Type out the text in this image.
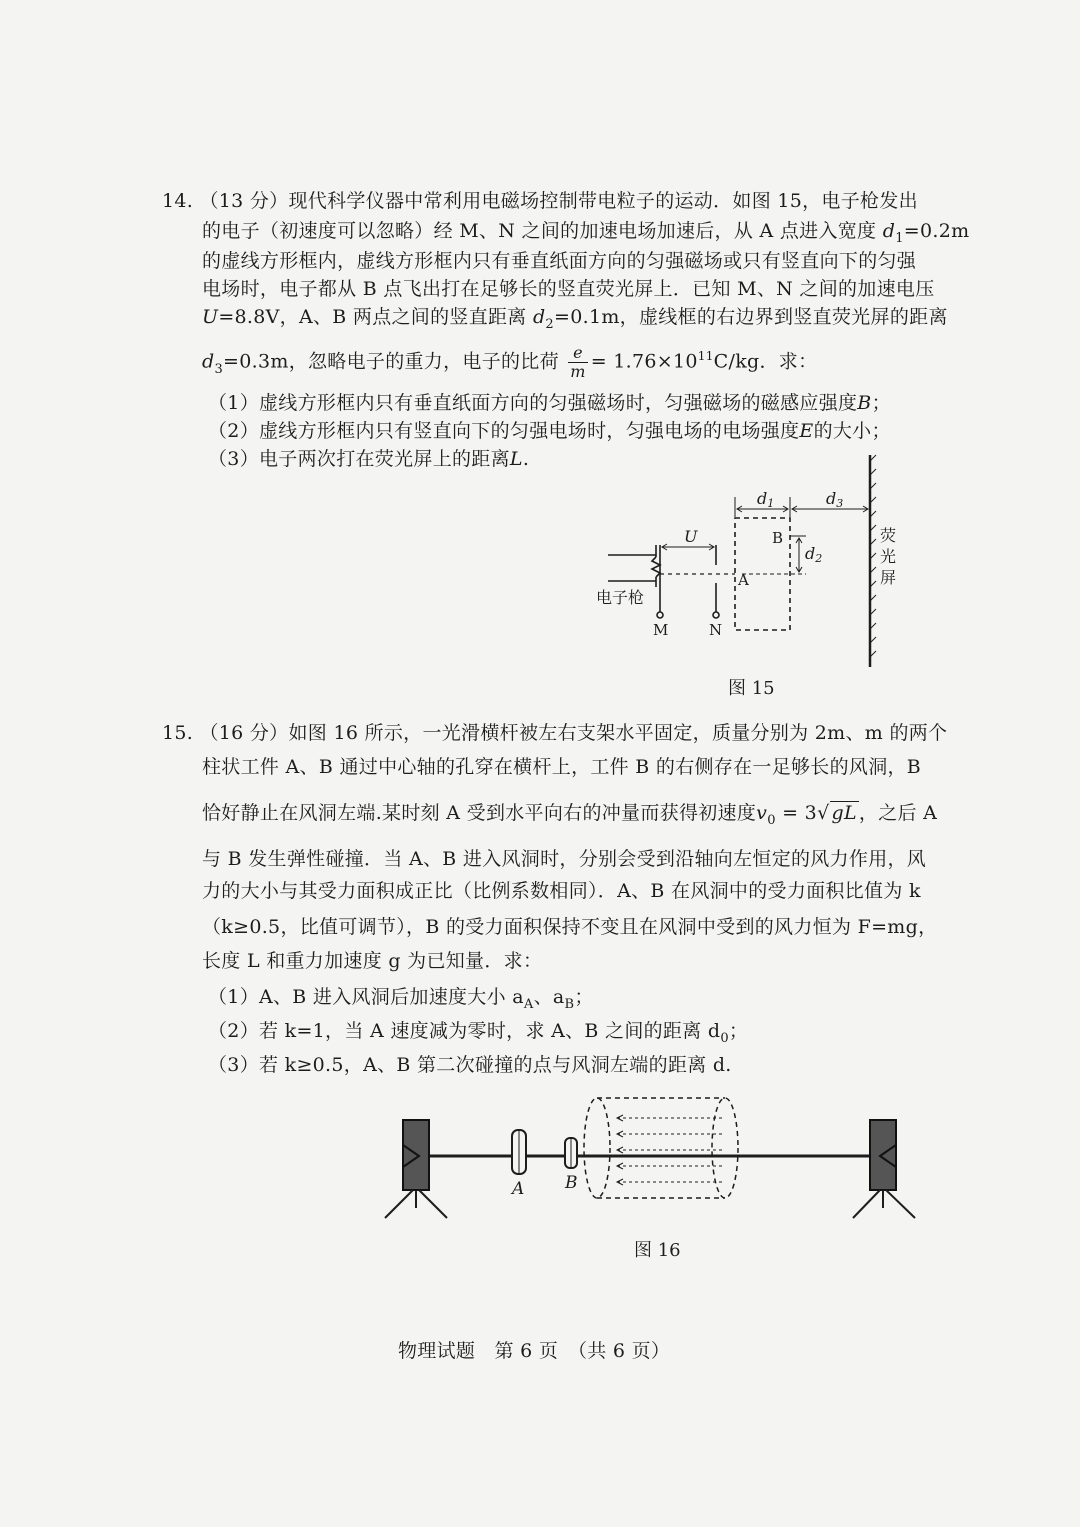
14. （13 分）现代科学仪器中常利用电磁场控制带电粒子的运动．如图 15，电子枪发出
的电子（初速度可以忽略）经 M、N 之间的加速电场加速后，从 A 点进入宽度 $d_1=0.2m$
的虚线方形框内，虚线方形框内只有垂直纸面方向的匀强磁场或只有竖直向下的匀强
电场时，电子都从 B 点飞出打在足够长的竖直荧光屏上．已知 M、N 之间的加速电压
U=8.8V，A、B 两点之间的竖直距离 $d_2=0.1m$，虚线框的右边界到竖直荧光屏的距离
$d_3=0.3m$，忽略电子的重力，电子的比荷 $\frac{e}{m} = 1.76\times 10^{11}C/kg$．求：
（1）虚线方形框内只有垂直纸面方向的匀强磁场时，匀强磁场的磁感应强度B；
（2）虚线方形框内只有竖直向下的匀强电场时，匀强电场的电场强度E的大小；
（3）电子两次打在荧光屏上的距离L.
U
d1	d3
d2
B
A
电子枪
M	N
荧
光
屏
图 15
15. （16 分）如图 16 所示，一光滑横杆被左右支架水平固定，质量分别为 2m、m 的两个
柱状工件 A、B 通过中心轴的孔穿在横杆上，工件 B 的右侧存在一足够长的风洞，B
恰好静止在风洞左端.某时刻 A 受到水平向右的冲量而获得初速度$v_0 = 3√$ gL ，之后 A
与 B 发生弹性碰撞．当 A、B 进入风洞时，分别会受到沿轴向左恒定的风力作用，风
力的大小与其受力面积成正比（比例系数相同）．A、B 在风洞中的受力面积比值为 k
（k≥0.5，比值可调节），B 的受力面积保持不变且在风洞中受到的风力恒为 F=mg，
长度 L 和重力加速度 g 为已知量．求：
（1）A、B 进入风洞后加速度大小 $a_A$、$a_B$；
（2）若 k=1，当 A 速度减为零时，求 A、B 之间的距离 $d_0$；
（3）若 k≥0.5，A、B 第二次碰撞的点与风洞左端的距离 d.
A B
图 16
物理试题　第 6 页　（共 6 页）
